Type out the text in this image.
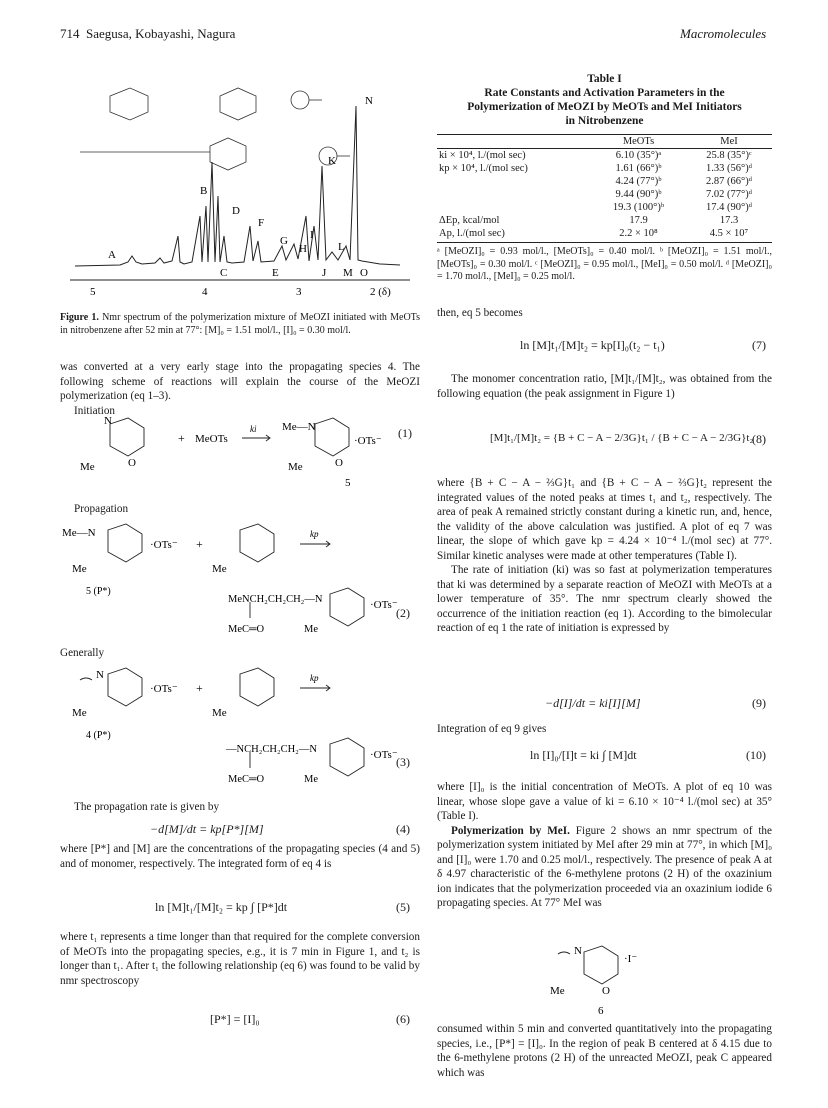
714 Saegusa, Kobayashi, Nagura	Macromolecules
N
A
B
D
F
G
H
I
K
L
C	E	J M O
5	4	3	2 (δ)
Figure 1. Nmr spectrum of the polymerization mixture of MeOZI initiated with MeOTs in nitrobenzene after 52 min at 77°: [M]₀ = 1.51 mol/l., [I]₀ = 0.30 mol/l.

was converted at a very early stage into the propagating species 4. The following scheme of reactions will explain the course of the MeOZI polymerization (eq 1–3).

Initiation

N
O
Me
+ MeOTs
ki Me—N
·OTs⁻
Me	O
5
(1)

Propagation

Me—N
·OTs⁻ +
Me
5 (P*)
kp
Me
MeNCH₂CH₂CH₂—N	·OTs⁻
MeC═O	Me
(2)

Generally

N
·OTs⁻ +
Me
4 (P*)
kp
Me
—NCH₂CH₂CH₂—N	·OTs⁻
MeC═O	Me
(3)

The propagation rate is given by

−d[M]/dt = kp[P*][M]	(4)

where [P*] and [M] are the concentrations of the propagating species (4 and 5) and of monomer, respectively. The integrated form of eq 4 is

ln [M]t₁/[M]t₂ = kp ∫ [P*]dt	(5)

where t₁ represents a time longer than that required for the complete conversion of MeOTs into the propagating species, e.g., it is 7 min in Figure 1, and t₂ is longer than t₁. After t₁ the following relationship (eq 6) was found to be valid by nmr spectroscopy

[P*] = [I]₀	(6)
Table I
Rate Constants and Activation Parameters in the
Polymerization of MeOZI by MeOTs and MeI Initiators
in Nitrobenzene
	MeOTs	MeI
ki × 10⁴, l./(mol sec)	6.10 (35°)ᵃ	25.8 (35°)ᶜ
kp × 10⁴, l./(mol sec)	1.61 (66°)ᵇ	1.33 (56°)ᵈ
	4.24 (77°)ᵇ	2.87 (66°)ᵈ
	9.44 (90°)ᵇ	7.02 (77°)ᵈ
	19.3 (100°)ᵇ	17.4 (90°)ᵈ
ΔEp, kcal/mol	17.9	17.3
Ap, l./(mol sec)	2.2 × 10⁸	4.5 × 10⁷
ᵃ [MeOZI]₀ = 0.93 mol/l., [MeOTs]₀ = 0.40 mol/l. ᵇ [MeOZI]₀ = 1.51 mol/l., [MeOTs]₀ = 0.30 mol/l. ᶜ [MeOZI]₀ = 0.95 mol/l., [MeI]₀ = 0.50 mol/l. ᵈ [MeOZI]₀ = 1.70 mol/l., [MeI]₀ = 0.25 mol/l.

then, eq 5 becomes

ln [M]t₁/[M]t₂ = kp[I]₀(t₂ − t₁)	(7)

The monomer concentration ratio, [M]t₁/[M]t₂, was obtained from the following equation (the peak assignment in Figure 1)

[M]t₁/[M]t₂ = {B + C − A − 2/3G}t₁ / {B + C − A − 2/3G}t₂
(8)

where {B + C − A − ⅔G}t₁ and {B + C − A − ⅔G}t₂ represent the integrated values of the noted peaks at times t₁ and t₂, respectively. The area of peak A remained strictly constant during a kinetic run, and, hence, the validity of the above calculation was justified. A plot of eq 7 was linear, the slope of which gave kp = 4.24 × 10⁻⁴ l./(mol sec) at 77°. Similar kinetic analyses were made at other temperatures (Table I).

The rate of initiation (ki) was so fast at polymerization temperatures that ki was determined by a separate reaction of MeOZI with MeOTs at a lower temperature of 35°. The nmr spectrum clearly showed the occurrence of the initiation reaction (eq 1). According to the bimolecular reaction of eq 1 the rate of initiation is expressed by

−d[I]/dt = ki[I][M]	(9)

Integration of eq 9 gives

ln [I]₀/[I]t = ki ∫ [M]dt	(10)

where [I]₀ is the initial concentration of MeOTs. A plot of eq 10 was linear, whose slope gave a value of ki = 6.10 × 10⁻⁴ l./(mol sec) at 35° (Table I).

Polymerization by MeI. Figure 2 shows an nmr spectrum of the polymerization system initiated by MeI after 29 min at 77°, in which [M]₀ and [I]₀ were 1.70 and 0.25 mol/l., respectively. The presence of peak A at δ 4.97 characteristic of the 6-methylene protons (2 H) of the oxazinium ion indicates that the polymerization proceeded via an oxazinium iodide 6 propagating species. At 77° MeI was

N
·I⁻
Me	O
6

consumed within 5 min and converted quantitatively into the propagating species, i.e., [P*] = [I]₀. In the region of peak B centered at δ 4.15 due to the 6-methylene protons (2 H) of the unreacted MeOZI, peak C appeared which was
